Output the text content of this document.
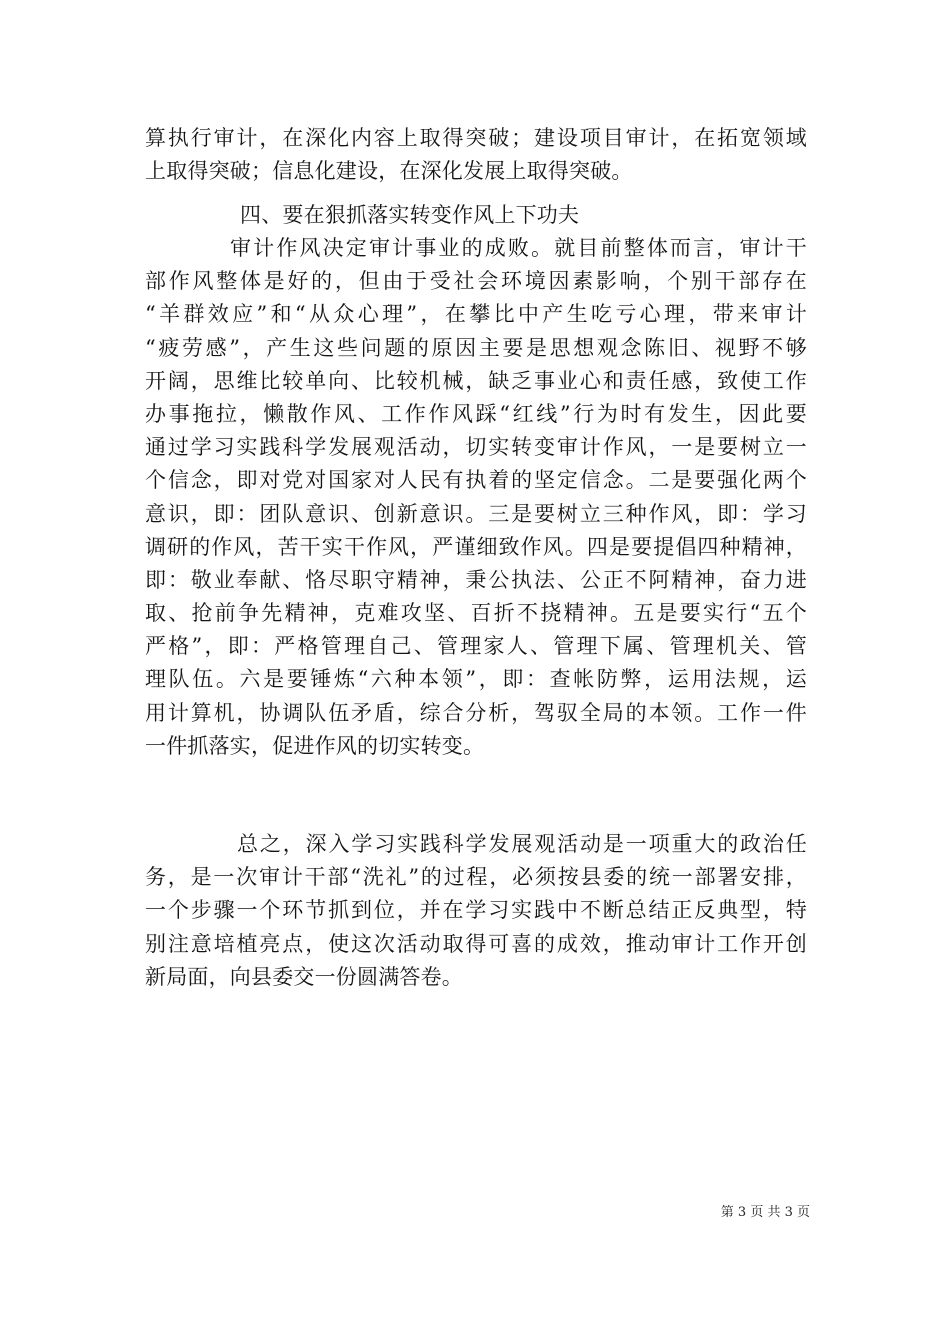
算执行审计，在深化内容上取得突破；建设项目审计，在拓宽领域
上取得突破；信息化建设，在深化发展上取得突破。
四、要在狠抓落实转变作风上下功夫
审计作风决定审计事业的成败。就目前整体而言，审计干
部作风整体是好的，但由于受社会环境因素影响，个别干部存在
“羊群效应”和“从众心理”，在攀比中产生吃亏心理，带来审计
“疲劳感”，产生这些问题的原因主要是思想观念陈旧、视野不够
开阔，思维比较单向、比较机械，缺乏事业心和责任感，致使工作
办事拖拉，懒散作风、工作作风踩“红线”行为时有发生，因此要
通过学习实践科学发展观活动，切实转变审计作风，一是要树立一
个信念，即对党对国家对人民有执着的坚定信念。二是要强化两个
意识，即：团队意识、创新意识。三是要树立三种作风，即：学习
调研的作风，苦干实干作风，严谨细致作风。四是要提倡四种精神，
即：敬业奉献、恪尽职守精神，秉公执法、公正不阿精神，奋力进
取、抢前争先精神，克难攻坚、百折不挠精神。五是要实行“五个
严格”，即：严格管理自己、管理家人、管理下属、管理机关、管
理队伍。六是要锤炼“六种本领”，即：查帐防弊，运用法规，运
用计算机，协调队伍矛盾，综合分析，驾驭全局的本领。工作一件
一件抓落实，促进作风的切实转变。
总之，深入学习实践科学发展观活动是一项重大的政治任
务，是一次审计干部“洗礼”的过程，必须按县委的统一部署安排，
一个步骤一个环节抓到位，并在学习实践中不断总结正反典型，特
别注意培植亮点，使这次活动取得可喜的成效，推动审计工作开创
新局面，向县委交一份圆满答卷。
第 3 页 共 3 页
